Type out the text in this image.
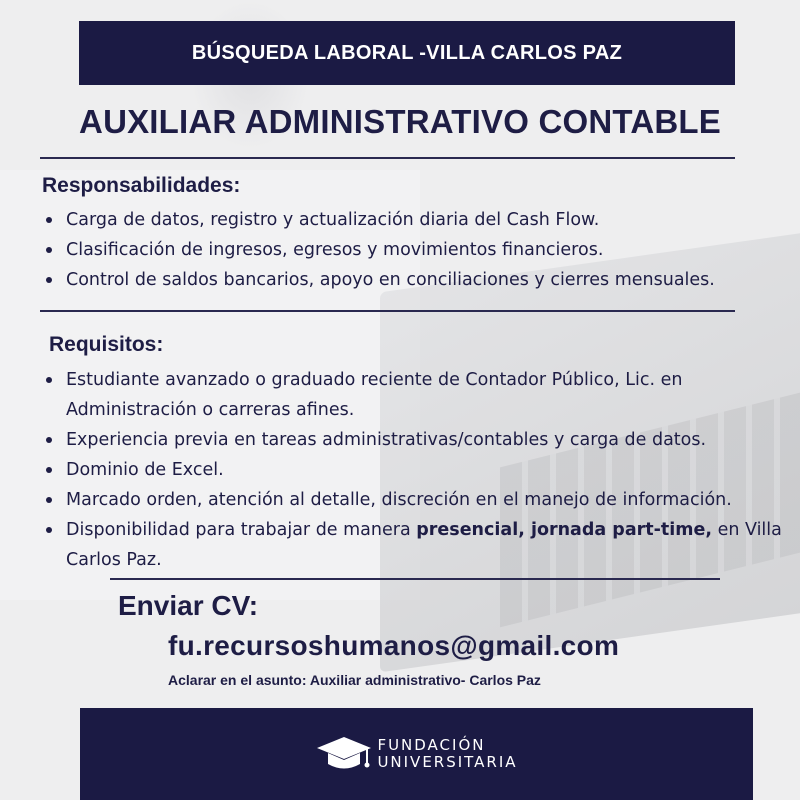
BÚSQUEDA LABORAL -VILLA CARLOS PAZ
AUXILIAR ADMINISTRATIVO CONTABLE
Responsabilidades:
Carga de datos, registro y actualización diaria del Cash Flow.
Clasificación de ingresos, egresos y movimientos financieros.
Control de saldos bancarios, apoyo en conciliaciones y cierres mensuales.
Requisitos:
Estudiante avanzado o graduado reciente de Contador Público, Lic. en Administración o carreras afines.
Experiencia previa en tareas administrativas/contables y carga de datos.
Dominio de Excel.
Marcado orden, atención al detalle, discreción en el manejo de información.
Disponibilidad para trabajar de manera presencial, jornada part-time, en Villa Carlos Paz.
Enviar CV:
fu.recursoshumanos@gmail.com
Aclarar en el asunto: Auxiliar administrativo- Carlos Paz
FUNDACIÓN
UNIVERSITARIA
